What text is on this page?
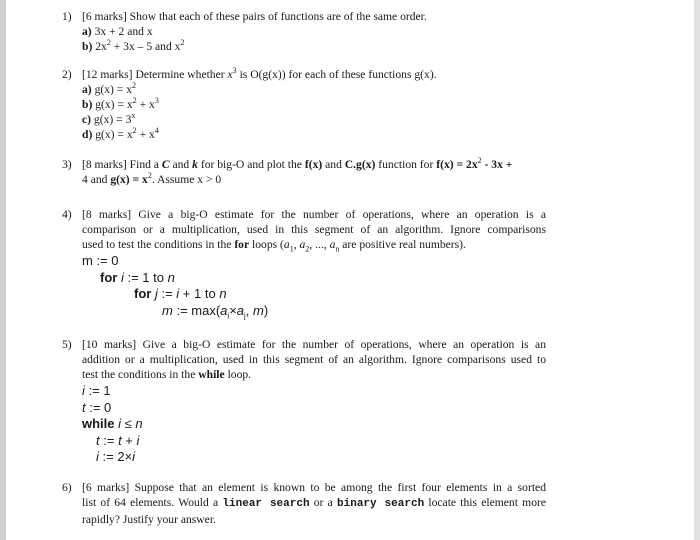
1) [6 marks] Show that each of these pairs of functions are of the same order.
a) 3x + 2 and x
b) $2x^2 + 3x - 5$ and $x^2$
2) [12 marks] Determine whether $x^3$ is O(g(x)) for each of these functions g(x).
a) $g(x) = x^2$
b) $g(x) = x^2 + x^3$
c) $g(x) = 3^x$
d) $g(x) = x^2 + x^4$
3) [8 marks] Find a C and k for big-O and plot the f(x) and C.g(x) function for $f(x) = 2x^2 - 3x$ +
4 and $g(x) = x^2$. Assume x > 0
4) [8 marks] Give a big-O estimate for the number of operations, where an operation is a
comparison or a multiplication, used in this segment of an algorithm. Ignore comparisons
used to test the conditions in the for loops ($a_1$, $a_2$, ..., $a_n$ are positive real numbers).
m := 0
for i := 1 to n
for j := i + 1 to n
m := $\max(a_i\times a_j$, m)
5) [10 marks] Give a big-O estimate for the number of operations, where an operation is an
addition or a multiplication, used in this segment of an algorithm. Ignore comparisons used to
test the conditions in the while loop.
i := 1
t := 0
while i ≤ n
t := t + i
i := 2×i
6) [6 marks] Suppose that an element is known to be among the first four elements in a sorted
list of 64 elements. Would a linear search or a binary search locate this element more
rapidly? Justify your answer.
